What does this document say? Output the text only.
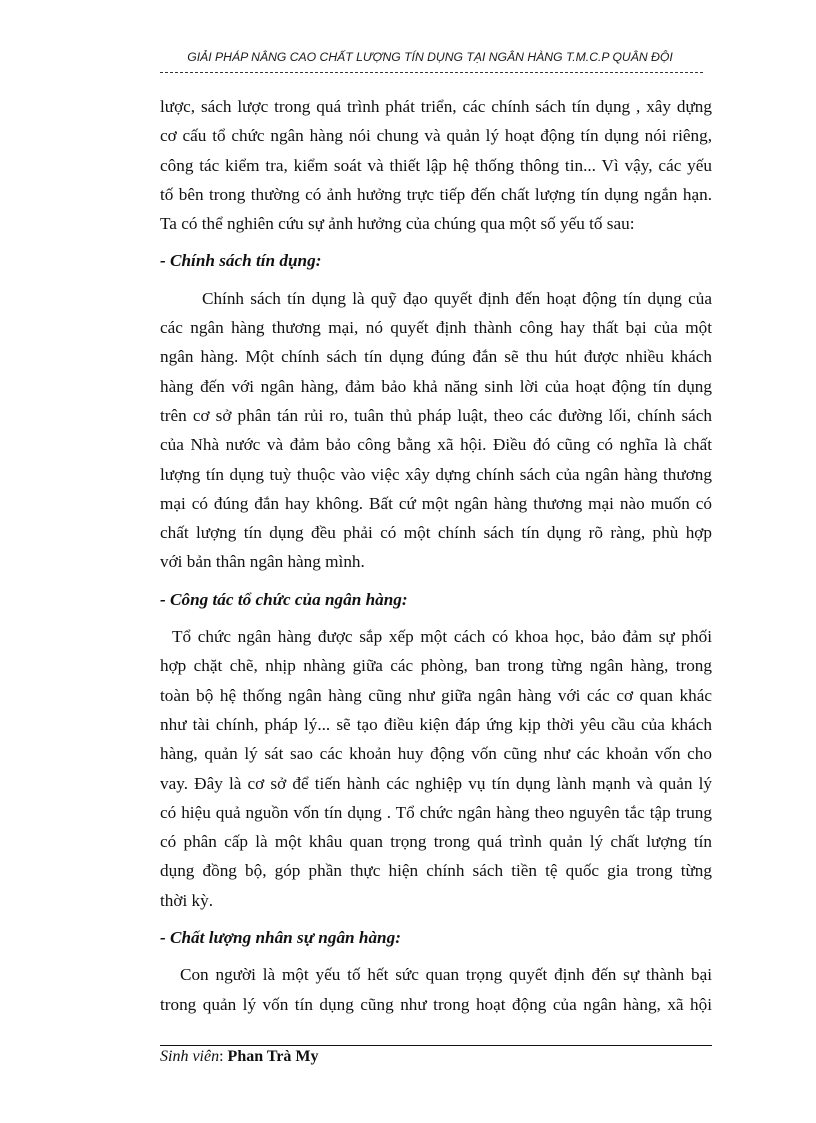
GIẢI PHÁP NÂNG CAO CHẤT LƯỢNG TÍN DỤNG TẠI NGÂN HÀNG T.M.C.P QUÂN ĐỘI
lược, sách lược trong quá trình phát triển, các chính sách tín dụng , xây dựng
cơ cấu tổ chức ngân hàng nói chung và quản lý hoạt động tín dụng nói riêng,
công tác kiểm tra, kiểm soát và thiết lập hệ thống thông tin... Vì vậy, các yếu
tố bên trong thường có ảnh hưởng trực tiếp đến chất lượng tín dụng ngắn hạn.
Ta có thể nghiên cứu sự ảnh hưởng của chúng qua một số yếu tố sau:
- Chính sách tín dụng:
Chính sách tín dụng là quỹ đạo quyết định đến hoạt động tín dụng của
các ngân hàng thương mại, nó quyết định thành công hay thất bại của một
ngân hàng. Một chính sách tín dụng đúng đắn sẽ thu hút được nhiều khách
hàng đến với ngân hàng, đảm bảo khả năng sinh lời của hoạt động tín dụng
trên cơ sở phân tán rủi ro, tuân thủ pháp luật, theo các đường lối, chính sách
của Nhà nước và đảm bảo công bằng xã hội. Điều đó cũng có nghĩa là chất
lượng tín dụng tuỳ thuộc vào việc xây dựng chính sách của ngân hàng thương
mại có đúng đắn hay không. Bất cứ một ngân hàng thương mại nào muốn có
chất lượng tín dụng đều phải có một chính sách tín dụng rõ ràng, phù hợp
với bản thân ngân hàng mình.
- Công tác tổ chức của ngân hàng:
Tổ chức ngân hàng được sắp xếp một cách có khoa học, bảo đảm sự phối
hợp chặt chẽ, nhịp nhàng giữa các phòng, ban trong từng ngân hàng, trong
toàn bộ hệ thống ngân hàng cũng như giữa ngân hàng với các cơ quan khác
như tài chính, pháp lý... sẽ tạo điều kiện đáp ứng kịp thời yêu cầu của khách
hàng, quản lý sát sao các khoản huy động vốn cũng như các khoản vốn cho
vay. Đây là cơ sở để tiến hành các nghiệp vụ tín dụng lành mạnh và quản lý
có hiệu quả nguồn vốn tín dụng . Tổ chức ngân hàng theo nguyên tắc tập trung
có phân cấp là một khâu quan trọng trong quá trình quản lý chất lượng tín
dụng đồng bộ, góp phần thực hiện chính sách tiền tệ quốc gia trong từng
thời kỳ.
- Chất lượng nhân sự ngân hàng:
Con người là một yếu tố hết sức quan trọng quyết định đến sự thành bại
trong quản lý vốn tín dụng cũng như trong hoạt động của ngân hàng, xã hội
Sinh viên: Phan Trà My
